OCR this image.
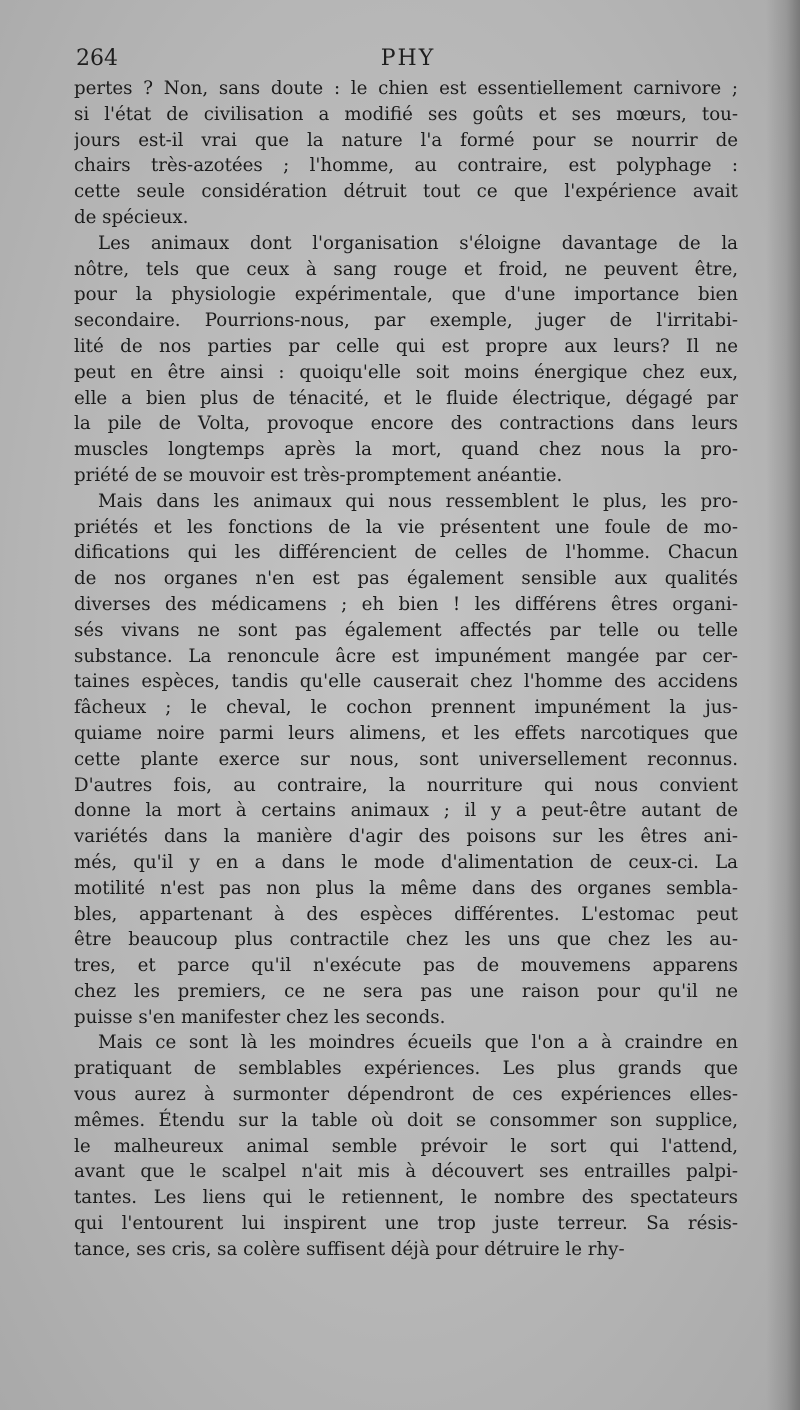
264	PHY
pertes ? Non, sans doute : le chien est essentiellement carnivore ;
si l'état de civilisation a modifié ses goûts et ses mœurs, tou-
jours est-il vrai que la nature l'a formé pour se nourrir de
chairs très-azotées ; l'homme, au contraire, est polyphage :
cette seule considération détruit tout ce que l'expérience avait
de spécieux.
Les animaux dont l'organisation s'éloigne davantage de la
nôtre, tels que ceux à sang rouge et froid, ne peuvent être,
pour la physiologie expérimentale, que d'une importance bien
secondaire. Pourrions-nous, par exemple, juger de l'irritabi-
lité de nos parties par celle qui est propre aux leurs? Il ne
peut en être ainsi : quoiqu'elle soit moins énergique chez eux,
elle a bien plus de ténacité, et le fluide électrique, dégagé par
la pile de Volta, provoque encore des contractions dans leurs
muscles longtemps après la mort, quand chez nous la pro-
priété de se mouvoir est très-promptement anéantie.
Mais dans les animaux qui nous ressemblent le plus, les pro-
priétés et les fonctions de la vie présentent une foule de mo-
difications qui les différencient de celles de l'homme. Chacun
de nos organes n'en est pas également sensible aux qualités
diverses des médicamens ; eh bien ! les différens êtres organi-
sés vivans ne sont pas également affectés par telle ou telle
substance. La renoncule âcre est impunément mangée par cer-
taines espèces, tandis qu'elle causerait chez l'homme des accidens
fâcheux ; le cheval, le cochon prennent impunément la jus-
quiame noire parmi leurs alimens, et les effets narcotiques que
cette plante exerce sur nous, sont universellement reconnus.
D'autres fois, au contraire, la nourriture qui nous convient
donne la mort à certains animaux ; il y a peut-être autant de
variétés dans la manière d'agir des poisons sur les êtres ani-
més, qu'il y en a dans le mode d'alimentation de ceux-ci. La
motilité n'est pas non plus la même dans des organes sembla-
bles, appartenant à des espèces différentes. L'estomac peut
être beaucoup plus contractile chez les uns que chez les au-
tres, et parce qu'il n'exécute pas de mouvemens apparens
chez les premiers, ce ne sera pas une raison pour qu'il ne
puisse s'en manifester chez les seconds.
Mais ce sont là les moindres écueils que l'on a à craindre en
pratiquant de semblables expériences. Les plus grands que
vous aurez à surmonter dépendront de ces expériences elles-
mêmes. Étendu sur la table où doit se consommer son supplice,
le malheureux animal semble prévoir le sort qui l'attend,
avant que le scalpel n'ait mis à découvert ses entrailles palpi-
tantes. Les liens qui le retiennent, le nombre des spectateurs
qui l'entourent lui inspirent une trop juste terreur. Sa résis-
tance, ses cris, sa colère suffisent déjà pour détruire le rhy-
